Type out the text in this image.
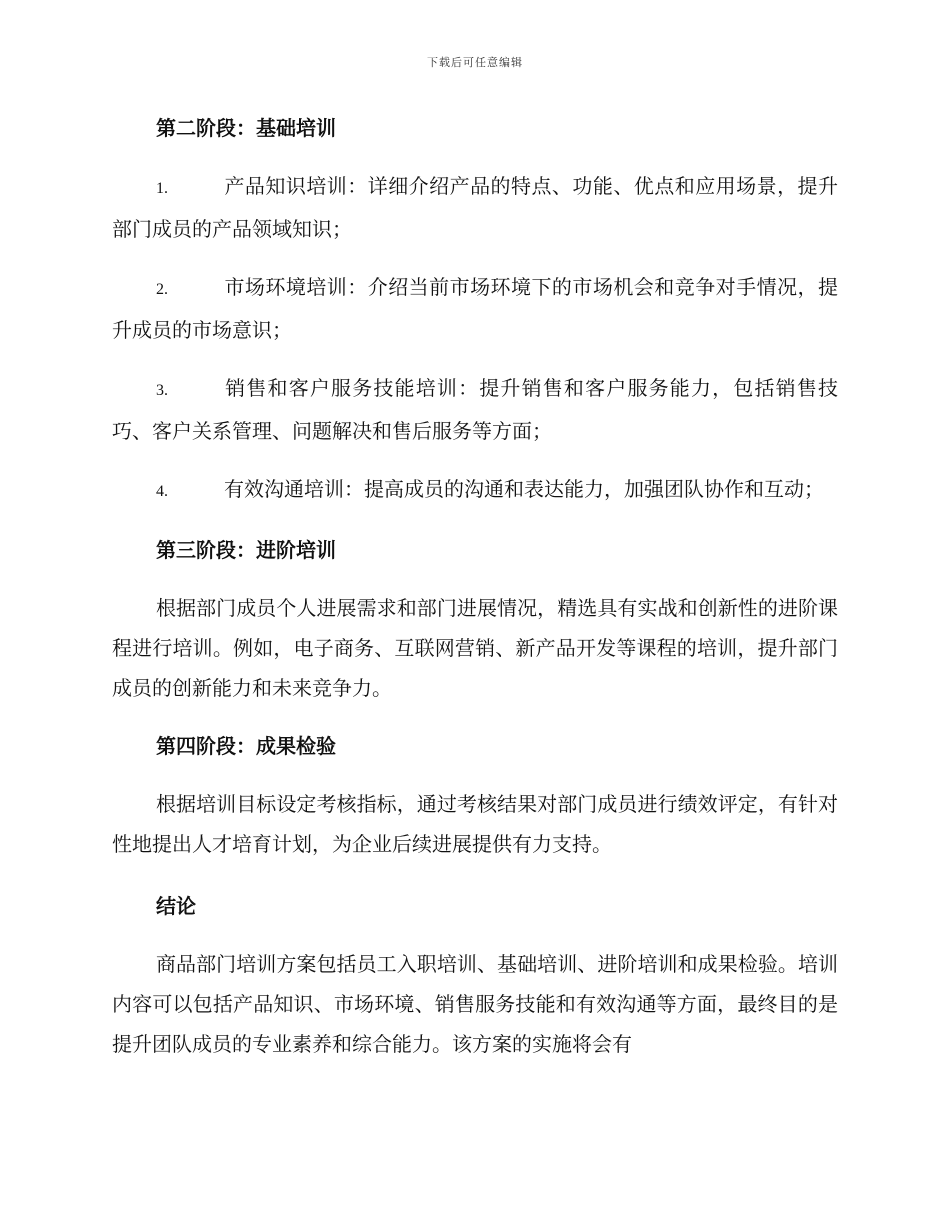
下载后可任意编辑

第二阶段：基础培训

1.	产品知识培训：详细介绍产品的特点、功能、优点和应用场景，提升部门成员的产品领域知识；

2.	市场环境培训：介绍当前市场环境下的市场机会和竞争对手情况，提升成员的市场意识；

3.	销售和客户服务技能培训：提升销售和客户服务能力，包括销售技巧、客户关系管理、问题解决和售后服务等方面；

4.	有效沟通培训：提高成员的沟通和表达能力，加强团队协作和互动；

第三阶段：进阶培训

根据部门成员个人进展需求和部门进展情况，精选具有实战和创新性的进阶课程进行培训。例如，电子商务、互联网营销、新产品开发等课程的培训，提升部门成员的创新能力和未来竞争力。

第四阶段：成果检验

根据培训目标设定考核指标，通过考核结果对部门成员进行绩效评定，有针对性地提出人才培育计划，为企业后续进展提供有力支持。

结论

商品部门培训方案包括员工入职培训、基础培训、进阶培训和成果检验。培训内容可以包括产品知识、市场环境、销售服务技能和有效沟通等方面，最终目的是提升团队成员的专业素养和综合能力。该方案的实施将会有
